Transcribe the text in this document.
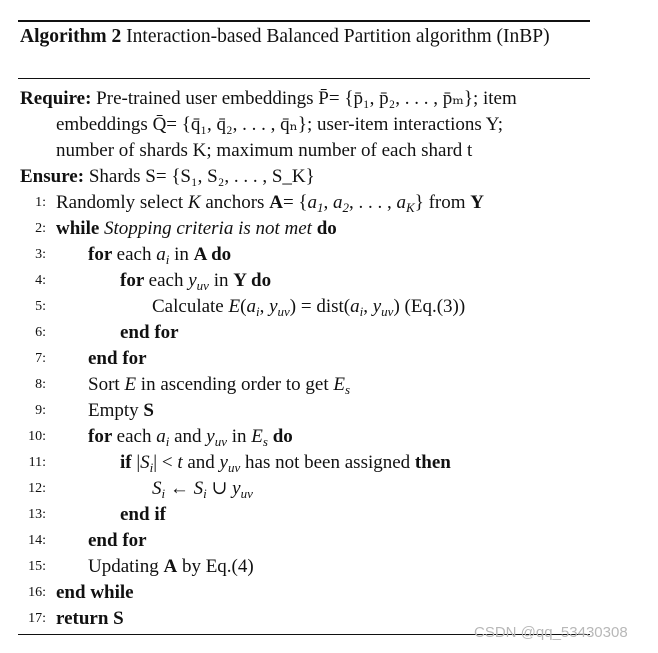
Algorithm 2 Interaction-based Balanced Partition algorithm (InBP)
Require: Pre-trained user embeddings P̄= {p̄₁, p̄₂, . . . , p̄ₘ}; item
embeddings Q̄= {q̄₁, q̄₂, . . . , q̄ₙ}; user-item interactions Y;
number of shards K; maximum number of each shard t
Ensure: Shards S= {S₁, S₂, . . . , S_K}
1: Randomly select K anchors $A= \{a_1$, $a_2$, . . . , $a_K$} from Y
2: while Stopping criteria is not met do
3: for each $a_i$ in A do
4:	for each $y_{uv}$ in Y do
5:	Calculate $E(a_i$, $y_{uv}$) = $dist(a_i$, $y_{uv}$) (Eq.(3))
6:	end for
7: end for
8: Sort E in ascending order to get $E_s$
9: Empty S
10: for each $a_i$ and $y_{uv}$ in $E_s$ do
11:	if $|S_i| < t$ and $y_{uv}$ has not been assigned then
12:	$S_i$ ← $S_i$ ∪ $y_{uv}$
13:	end if
14: end for
15: Updating A by Eq.(4)
16: end while
17: return S
CSDN @qq_53430308
